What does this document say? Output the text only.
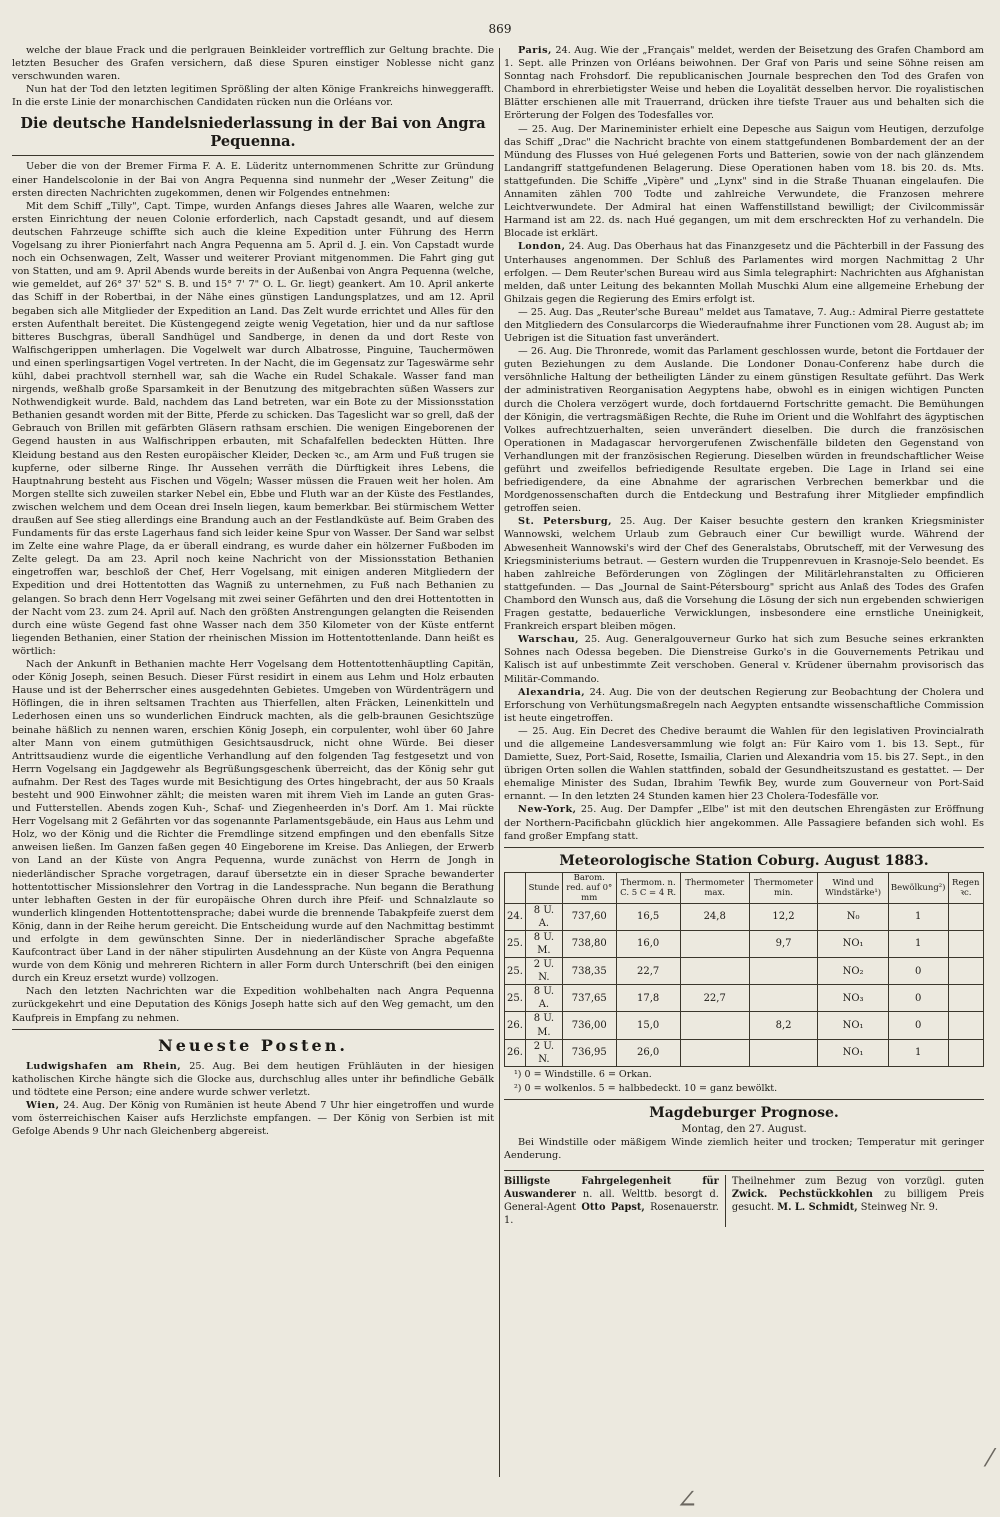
869

welche der blaue Frack und die perlgrauen Beinkleider vortrefflich zur Geltung brachte. Die letzten Besucher des Grafen versichern, daß diese Spuren einstiger Noblesse nicht ganz verschwunden waren.

Nun hat der Tod den letzten legitimen Sprößling der alten Könige Frankreichs hinweggerafft. In die erste Linie der monarchischen Candidaten rücken nun die Orléans vor.

Die deutsche Handelsniederlassung in der Bai von Angra Pequenna.

Ueber die von der Bremer Firma F. A. E. Lüderitz unternommenen Schritte zur Gründung einer Handelscolonie in der Bai von Angra Pequenna sind nunmehr der „Weser Zeitung" die ersten directen Nachrichten zugekommen, denen wir Folgendes entnehmen:

Mit dem Schiff „Tilly", Capt. Timpe, wurden Anfangs dieses Jahres alle Waaren, welche zur ersten Einrichtung der neuen Colonie erforderlich, nach Capstadt gesandt, und auf diesem deutschen Fahrzeuge schiffte sich auch die kleine Expedition unter Führung des Herrn Vogelsang zu ihrer Pionierfahrt nach Angra Pequenna am 5. April d. J. ein. Von Capstadt wurde noch ein Ochsenwagen, Zelt, Wasser und weiterer Proviant mitgenommen. Die Fahrt ging gut von Statten, und am 9. April Abends wurde bereits in der Außenbai von Angra Pequenna (welche, wie gemeldet, auf 26° 37' 52" S. B. und 15° 7' 7" O. L. Gr. liegt) geankert. Am 10. April ankerte das Schiff in der Robertbai, in der Nähe eines günstigen Landungsplatzes, und am 12. April begaben sich alle Mitglieder der Expedition an Land. Das Zelt wurde errichtet und Alles für den ersten Aufenthalt bereitet. Die Küstengegend zeigte wenig Vegetation, hier und da nur saftlose bitteres Buschgras, überall Sandhügel und Sandberge, in denen da und dort Reste von Walfischgerippen umherlagen. Die Vogelwelt war durch Albatrosse, Pinguine, Tauchermöwen und einen sperlingsartigen Vogel vertreten. In der Nacht, die im Gegensatz zur Tageswärme sehr kühl, dabei prachtvoll sternhell war, sah die Wache ein Rudel Schakale. Wasser fand man nirgends, weßhalb große Sparsamkeit in der Benutzung des mitgebrachten süßen Wassers zur Nothwendigkeit wurde. Bald, nachdem das Land betreten, war ein Bote zu der Missionsstation Bethanien gesandt worden mit der Bitte, Pferde zu schicken. Das Tageslicht war so grell, daß der Gebrauch von Brillen mit gefärbten Gläsern rathsam erschien. Die wenigen Eingeborenen der Gegend hausten in aus Walfischrippen erbauten, mit Schafalfellen bedeckten Hütten. Ihre Kleidung bestand aus den Resten europäischer Kleider, Decken ꝛc., am Arm und Fuß trugen sie kupferne, oder silberne Ringe. Ihr Aussehen verräth die Dürftigkeit ihres Lebens, die Hauptnahrung besteht aus Fischen und Vögeln; Wasser müssen die Frauen weit her holen. Am Morgen stellte sich zuweilen starker Nebel ein, Ebbe und Fluth war an der Küste des Festlandes, zwischen welchem und dem Ocean drei Inseln liegen, kaum bemerkbar. Bei stürmischem Wetter draußen auf See stieg allerdings eine Brandung auch an der Festlandküste auf. Beim Graben des Fundaments für das erste Lagerhaus fand sich leider keine Spur von Wasser. Der Sand war selbst im Zelte eine wahre Plage, da er überall eindrang, es wurde daher ein hölzerner Fußboden im Zelte gelegt. Da am 23. April noch keine Nachricht von der Missionsstation Bethanien eingetroffen war, beschloß der Chef, Herr Vogelsang, mit einigen anderen Mitgliedern der Expedition und drei Hottentotten das Wagniß zu unternehmen, zu Fuß nach Bethanien zu gelangen. So brach denn Herr Vogelsang mit zwei seiner Gefährten und den drei Hottentotten in der Nacht vom 23. zum 24. April auf. Nach den größten Anstrengungen gelangten die Reisenden durch eine wüste Gegend fast ohne Wasser nach dem 350 Kilometer von der Küste entfernt liegenden Bethanien, einer Station der rheinischen Mission im Hottentottenlande. Dann heißt es wörtlich:

Nach der Ankunft in Bethanien machte Herr Vogelsang dem Hottentottenhäuptling Capitän, oder König Joseph, seinen Besuch. Dieser Fürst residirt in einem aus Lehm und Holz erbauten Hause und ist der Beherrscher eines ausgedehnten Gebietes. Umgeben von Würdenträgern und Höflingen, die in ihren seltsamen Trachten aus Thierfellen, alten Fräcken, Leinenkitteln und Lederhosen einen uns so wunderlichen Eindruck machten, als die gelb-braunen Gesichtszüge beinahe häßlich zu nennen waren, erschien König Joseph, ein corpulenter, wohl über 60 Jahre alter Mann von einem gutmüthigen Gesichtsausdruck, nicht ohne Würde. Bei dieser Antrittsaudienz wurde die eigentliche Verhandlung auf den folgenden Tag festgesetzt und von Herrn Vogelsang ein Jagdgewehr als Begrüßungsgeschenk überreicht, das der König sehr gut aufnahm. Der Rest des Tages wurde mit Besichtigung des Ortes hingebracht, der aus 50 Kraals besteht und 900 Einwohner zählt; die meisten waren mit ihrem Vieh im Lande an guten Gras- und Futterstellen. Abends zogen Kuh-, Schaf- und Ziegenheerden in's Dorf. Am 1. Mai rückte Herr Vogelsang mit 2 Gefährten vor das sogenannte Parlamentsgebäude, ein Haus aus Lehm und Holz, wo der König und die Richter die Fremdlinge sitzend empfingen und den ebenfalls Sitze anweisen ließen. Im Ganzen faßen gegen 40 Eingeborene im Kreise. Das Anliegen, der Erwerb von Land an der Küste von Angra Pequenna, wurde zunächst von Herrn de Jongh in niederländischer Sprache vorgetragen, darauf übersetzte ein in dieser Sprache bewanderter hottentottischer Missionslehrer den Vortrag in die Landessprache. Nun begann die Berathung unter lebhaften Gesten in der für europäische Ohren durch ihre Pfeif- und Schnalzlaute so wunderlich klingenden Hottentottensprache; dabei wurde die brennende Tabakpfeife zuerst dem König, dann in der Reihe herum gereicht. Die Entscheidung wurde auf den Nachmittag bestimmt und erfolgte in dem gewünschten Sinne. Der in niederländischer Sprache abgefaßte Kaufcontract über Land in der näher stipulirten Ausdehnung an der Küste von Angra Pequenna wurde von dem König und mehreren Richtern in aller Form durch Unterschrift (bei den einigen durch ein Kreuz ersetzt wurde) vollzogen.

Nach den letzten Nachrichten war die Expedition wohlbehalten nach Angra Pequenna zurückgekehrt und eine Deputation des Königs Joseph hatte sich auf den Weg gemacht, um den Kaufpreis in Empfang zu nehmen.

Neueste Posten.

Ludwigshafen am Rhein, 25. Aug. Bei dem heutigen Frühläuten in der hiesigen katholischen Kirche hängte sich die Glocke aus, durchschlug alles unter ihr befindliche Gebälk und tödtete eine Person; eine andere wurde schwer verletzt.

Wien, 24. Aug. Der König von Rumänien ist heute Abend 7 Uhr hier eingetroffen und wurde vom österreichischen Kaiser aufs Herzlichste empfangen. — Der König von Serbien ist mit Gefolge Abends 9 Uhr nach Gleichenberg abgereist.

Paris, 24. Aug. Wie der „Français" meldet, werden der Beisetzung des Grafen Chambord am 1. Sept. alle Prinzen von Orléans beiwohnen. Der Graf von Paris und seine Söhne reisen am Sonntag nach Frohsdorf. Die republicanischen Journale besprechen den Tod des Grafen von Chambord in ehrerbietigster Weise und heben die Loyalität desselben hervor. Die royalistischen Blätter erschienen alle mit Trauerrand, drücken ihre tiefste Trauer aus und behalten sich die Erörterung der Folgen des Todesfalles vor.

— 25. Aug. Der Marineminister erhielt eine Depesche aus Saigun vom Heutigen, derzufolge das Schiff „Drac" die Nachricht brachte von einem stattgefundenen Bombardement der an der Mündung des Flusses von Hué gelegenen Forts und Batterien, sowie von der nach glänzendem Landangriff stattgefundenen Belagerung. Diese Operationen haben vom 18. bis 20. ds. Mts. stattgefunden. Die Schiffe „Vipère" und „Lynx" sind in die Straße Thuanan eingelaufen. Die Annamiten zählen 700 Todte und zahlreiche Verwundete, die Franzosen mehrere Leichtverwundete. Der Admiral hat einen Waffenstillstand bewilligt; der Civilcommissär Harmand ist am 22. ds. nach Hué gegangen, um mit dem erschreckten Hof zu verhandeln. Die Blocade ist erklärt.

London, 24. Aug. Das Oberhaus hat das Finanzgesetz und die Pächterbill in der Fassung des Unterhauses angenommen. Der Schluß des Parlamentes wird morgen Nachmittag 2 Uhr erfolgen. — Dem Reuter'schen Bureau wird aus Simla telegraphirt: Nachrichten aus Afghanistan melden, daß unter Leitung des bekannten Mollah Muschki Alum eine allgemeine Erhebung der Ghilzais gegen die Regierung des Emirs erfolgt ist.

— 25. Aug. Das „Reuter'sche Bureau" meldet aus Tamatave, 7. Aug.: Admiral Pierre gestattete den Mitgliedern des Consularcorps die Wiederaufnahme ihrer Functionen vom 28. August ab; im Uebrigen ist die Situation fast unverändert.

— 26. Aug. Die Thronrede, womit das Parlament geschlossen wurde, betont die Fortdauer der guten Beziehungen zu dem Auslande. Die Londoner Donau-Conferenz habe durch die versöhnliche Haltung der betheiligten Länder zu einem günstigen Resultate geführt. Das Werk der administrativen Reorganisation Aegyptens habe, obwohl es in einigen wichtigen Puncten durch die Cholera verzögert wurde, doch fortdauernd Fortschritte gemacht. Die Bemühungen der Königin, die vertragsmäßigen Rechte, die Ruhe im Orient und die Wohlfahrt des ägyptischen Volkes aufrechtzuerhalten, seien unverändert dieselben. Die durch die französischen Operationen in Madagascar hervorgerufenen Zwischenfälle bildeten den Gegenstand von Verhandlungen mit der französischen Regierung. Dieselben würden in freundschaftlicher Weise geführt und zweifellos befriedigende Resultate ergeben. Die Lage in Irland sei eine befriedigendere, da eine Abnahme der agrarischen Verbrechen bemerkbar und die Mordgenossenschaften durch die Entdeckung und Bestrafung ihrer Mitglieder empfindlich getroffen seien.

St. Petersburg, 25. Aug. Der Kaiser besuchte gestern den kranken Kriegsminister Wannowski, welchem Urlaub zum Gebrauch einer Cur bewilligt wurde. Während der Abwesenheit Wannowski's wird der Chef des Generalstabs, Obrutscheff, mit der Verwesung des Kriegsministeriums betraut. — Gestern wurden die Truppenrevuen in Krasnoje-Selo beendet. Es haben zahlreiche Beförderungen von Zöglingen der Militärlehranstalten zu Officieren stattgefunden. — Das „Journal de Saint-Pétersbourg" spricht aus Anlaß des Todes des Grafen Chambord den Wunsch aus, daß die Vorsehung die Lösung der sich nun ergebenden schwierigen Fragen gestatte, bedauerliche Verwicklungen, insbesondere eine ernstliche Uneinigkeit, Frankreich erspart bleiben mögen.

Warschau, 25. Aug. Generalgouverneur Gurko hat sich zum Besuche seines erkrankten Sohnes nach Odessa begeben. Die Dienstreise Gurko's in die Gouvernements Petrikau und Kalisch ist auf unbestimmte Zeit verschoben. General v. Krüdener übernahm provisorisch das Militär-Commando.

Alexandria, 24. Aug. Die von der deutschen Regierung zur Beobachtung der Cholera und Erforschung von Verhütungsmaßregeln nach Aegypten entsandte wissenschaftliche Commission ist heute eingetroffen.

— 25. Aug. Ein Decret des Chedive beraumt die Wahlen für den legislativen Provincialrath und die allgemeine Landesversammlung wie folgt an: Für Kairo vom 1. bis 13. Sept., für Damiette, Suez, Port-Said, Rosette, Ismailia, Clarien und Alexandria vom 15. bis 27. Sept., in den übrigen Orten sollen die Wahlen stattfinden, sobald der Gesundheitszustand es gestattet. — Der ehemalige Minister des Sudan, Ibrahim Tewfik Bey, wurde zum Gouverneur von Port-Said ernannt. — In den letzten 24 Stunden kamen hier 23 Cholera-Todesfälle vor.

New-York, 25. Aug. Der Dampfer „Elbe" ist mit den deutschen Ehrengästen zur Eröffnung der Northern-Pacificbahn glücklich hier angekommen. Alle Passagiere befanden sich wohl. Es fand großer Empfang statt.

Meteorologische Station Coburg. August 1883.
	Stunde	Barom. red. auf 0° mm	Thermom. n. C. 5 C = 4 R.	Thermometer max.	Thermometer min.	Wind und Windstärke¹)	Bewölkung²)	Regen ꝛc.
24.	8 U. A.	737,60	16,5	24,8	12,2	N₀	1	
25.	8 U. M.	738,80	16,0		9,7	NO₁	1	
25.	2 U. N.	738,35	22,7			NO₂	0	
25.	8 U. A.	737,65	17,8	22,7		NO₃	0	
26.	8 U. M.	736,00	15,0		8,2	NO₁	0	
26.	2 U. N.	736,95	26,0			NO₁	1	
¹) 0 = Windstille. 6 = Orkan.
²) 0 = wolkenlos. 5 = halbbedeckt. 10 = ganz bewölkt.
Magdeburger Prognose.
Montag, den 27. August.

Bei Windstille oder mäßigem Winde ziemlich heiter und trocken; Temperatur mit geringer Aenderung.

Billigste Fahrgelegenheit für Auswanderer n. all. Welttb. besorgt d. General-Agent Otto Papst, Rosenauerstr. 1.
Theilnehmer zum Bezug von vorzügl. guten Zwick. Pechstückkohlen zu billigem Preis gesucht. M. L. Schmidt, Steinweg Nr. 9.
⁄
∠
